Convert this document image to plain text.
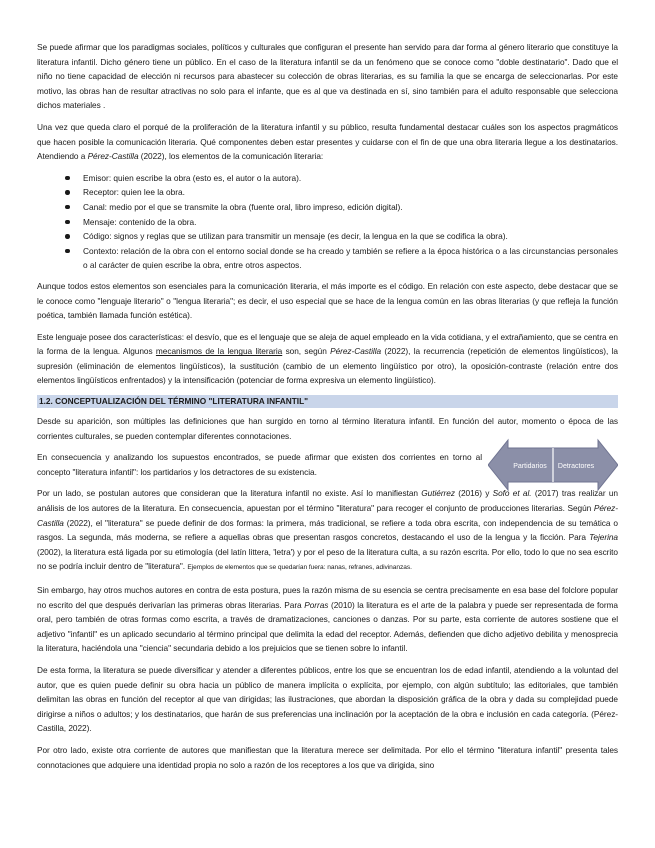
Se puede afirmar que los paradigmas sociales, políticos y culturales que configuran el presente han servido para dar forma al género literario que constituye la literatura infantil. Dicho género tiene un público. En el caso de la literatura infantil se da un fenómeno que se conoce como "doble destinatario". Dado que el niño no tiene capacidad de elección ni recursos para abastecer su colección de obras literarias, es su familia la que se encarga de seleccionarlas. Por este motivo, las obras han de resultar atractivas no solo para el infante, que es al que va destinada en sí, sino también para el adulto responsable que selecciona dichos materiales .

Una vez que queda claro el porqué de la proliferación de la literatura infantil y su público, resulta fundamental destacar cuáles son los aspectos pragmáticos que hacen posible la comunicación literaria. Qué componentes deben estar presentes y cuidarse con el fin de que una obra literaria llegue a los destinatarios. Atendiendo a Pérez-Castilla (2022), los elementos de la comunicación literaria:

Emisor: quien escribe la obra (esto es, el autor o la autora).
Receptor: quien lee la obra.
Canal: medio por el que se transmite la obra (fuente oral, libro impreso, edición digital).
Mensaje: contenido de la obra.
Código: signos y reglas que se utilizan para transmitir un mensaje (es decir, la lengua en la que se codifica la obra).
Contexto: relación de la obra con el entorno social donde se ha creado y también se refiere a la época histórica o a las circunstancias personales o al carácter de quien escribe la obra, entre otros aspectos.

Aunque todos estos elementos son esenciales para la comunicación literaria, el más importe es el código. En relación con este aspecto, debe destacar que se le conoce como "lenguaje literario" o "lengua literaria"; es decir, el uso especial que se hace de la lengua común en las obras literarias (y que refleja la función poética, también llamada función estética).

Este lenguaje posee dos características: el desvío, que es el lenguaje que se aleja de aquel empleado en la vida cotidiana, y el extrañamiento, que se centra en la forma de la lengua. Algunos mecanismos de la lengua literaria son, según Pérez-Castilla (2022), la recurrencia (repetición de elementos lingüísticos), la supresión (eliminación de elementos lingüísticos), la sustitución (cambio de un elemento lingüístico por otro), la oposición-contraste (relación entre dos elementos lingüísticos enfrentados) y la intensificación (potenciar de forma expresiva un elemento lingüístico).

1.2. CONCEPTUALIZACIÓN DEL TÉRMINO "LITERATURA INFANTIL"

Desde su aparición, son múltiples las definiciones que han surgido en torno al término literatura infantil. En función del autor, momento o época de las corrientes culturales, se pueden contemplar diferentes connotaciones.

En consecuencia y analizando los supuestos encontrados, se puede afirmar que existen dos corrientes en torno al concepto "literatura infantil": los partidarios y los detractores de su existencia.

Partidarios Detractores

Por un lado, se postulan autores que consideran que la literatura infantil no existe. Así lo manifiestan Gutiérrez (2016) y Sofo et al. (2017) tras realizar un análisis de los autores de la literatura. En consecuencia, apuestan por el término "literatura" para recoger el conjunto de producciones literarias. Según Pérez-Castilla (2022), el "literatura" se puede definir de dos formas: la primera, más tradicional, se refiere a toda obra escrita, con independencia de su temática o rasgos. La segunda, más moderna, se refiere a aquellas obras que presentan rasgos concretos, destacando el uso de la lengua y la ficción. Para Tejerina (2002), la literatura está ligada por su etimología (del latín littera, 'letra') y por el peso de la literatura culta, a su razón escrita. Por ello, todo lo que no sea escrito no se podría incluir dentro de "literatura". Ejemplos de elementos que se quedarían fuera: nanas, refranes, adivinanzas.

Sin embargo, hay otros muchos autores en contra de esta postura, pues la razón misma de su esencia se centra precisamente en esa base del folclore popular no escrito del que después derivarían las primeras obras literarias. Para Porras (2010) la literatura es el arte de la palabra y puede ser representada de forma oral, pero también de otras formas como escrita, a través de dramatizaciones, canciones o danzas. Por su parte, esta corriente de autores sostiene que el adjetivo "infantil" es un aplicado secundario al término principal que delimita la edad del receptor. Además, defienden que dicho adjetivo debilita y menosprecia la literatura, haciéndola una "ciencia" secundaria debido a los prejuicios que se tienen sobre lo infantil.

De esta forma, la literatura se puede diversificar y atender a diferentes públicos, entre los que se encuentran los de edad infantil, atendiendo a la voluntad del autor, que es quien puede definir su obra hacia un público de manera implícita o explícita, por ejemplo, con algún subtítulo; las editoriales, que también delimitan las obras en función del receptor al que van dirigidas; las ilustraciones, que abordan la disposición gráfica de la obra y dada su complejidad puede dirigirse a niños o adultos; y los destinatarios, que harán de sus preferencias una inclinación por la aceptación de la obra e inclusión en cada categoría. (Pérez-Castilla, 2022).

Por otro lado, existe otra corriente de autores que manifiestan que la literatura merece ser delimitada. Por ello el término "literatura infantil" presenta tales connotaciones que adquiere una identidad propia no solo a razón de los receptores a los que va dirigida, sino
